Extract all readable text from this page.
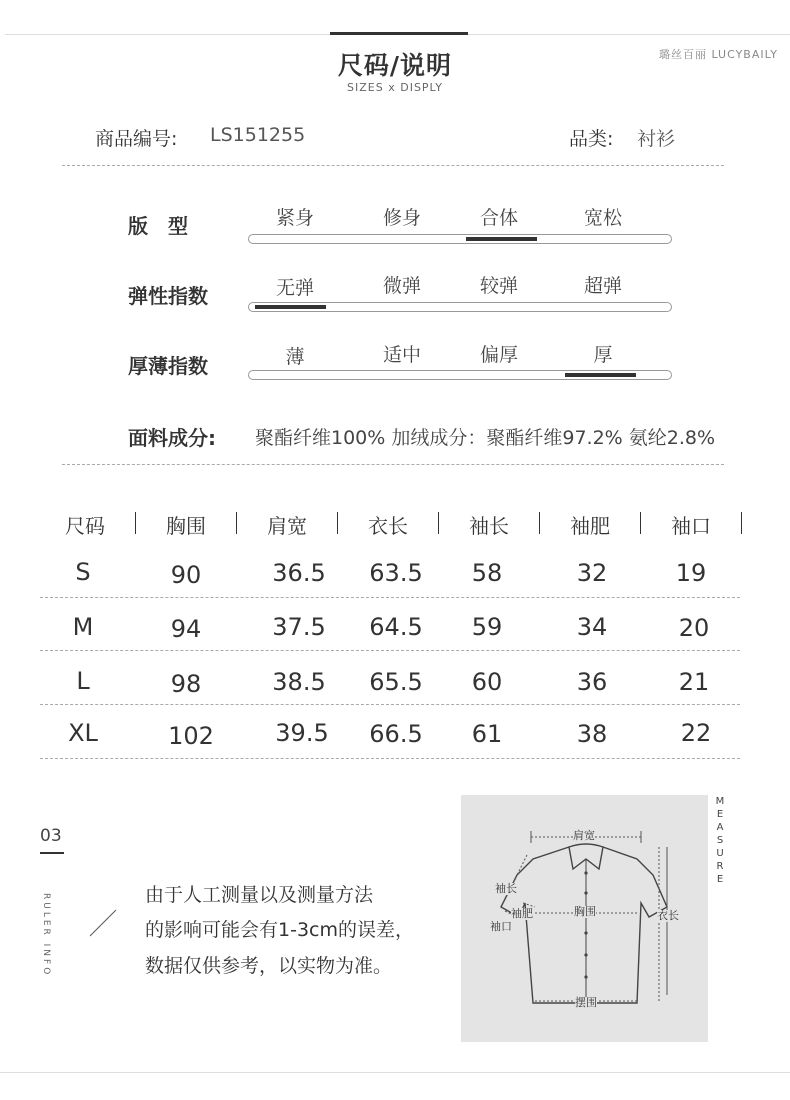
尺码/说明
SIZES x DISPLY
璐丝百丽 LUCYBAILY
商品编号: LS151255	品类: 衬衫
版　型	紧身	修身	合体	宽松
弹性指数	无弹	微弹	较弹	超弹
厚薄指数	薄	适中	偏厚	厚
面料成分: 聚酯纤维100% 加绒成分：聚酯纤维97.2% 氨纶2.8%
尺码	胸围	肩宽	衣长	袖长	袖肥	袖口
S	90	36.5	63.5	58	32	19
M	94	37.5	64.5	59	34	20
L	98	38.5	65.5	60	36	21
XL	102	39.5	66.5	61	38	22
03
RULER INFO	由于人工测量以及测量方法
的影响可能会有1-3cm的误差，
数据仅供参考，以实物为准。
肩宽
袖长
袖肥
袖口
胸围	衣长
摆围
M
E
A
S
U
R
E
